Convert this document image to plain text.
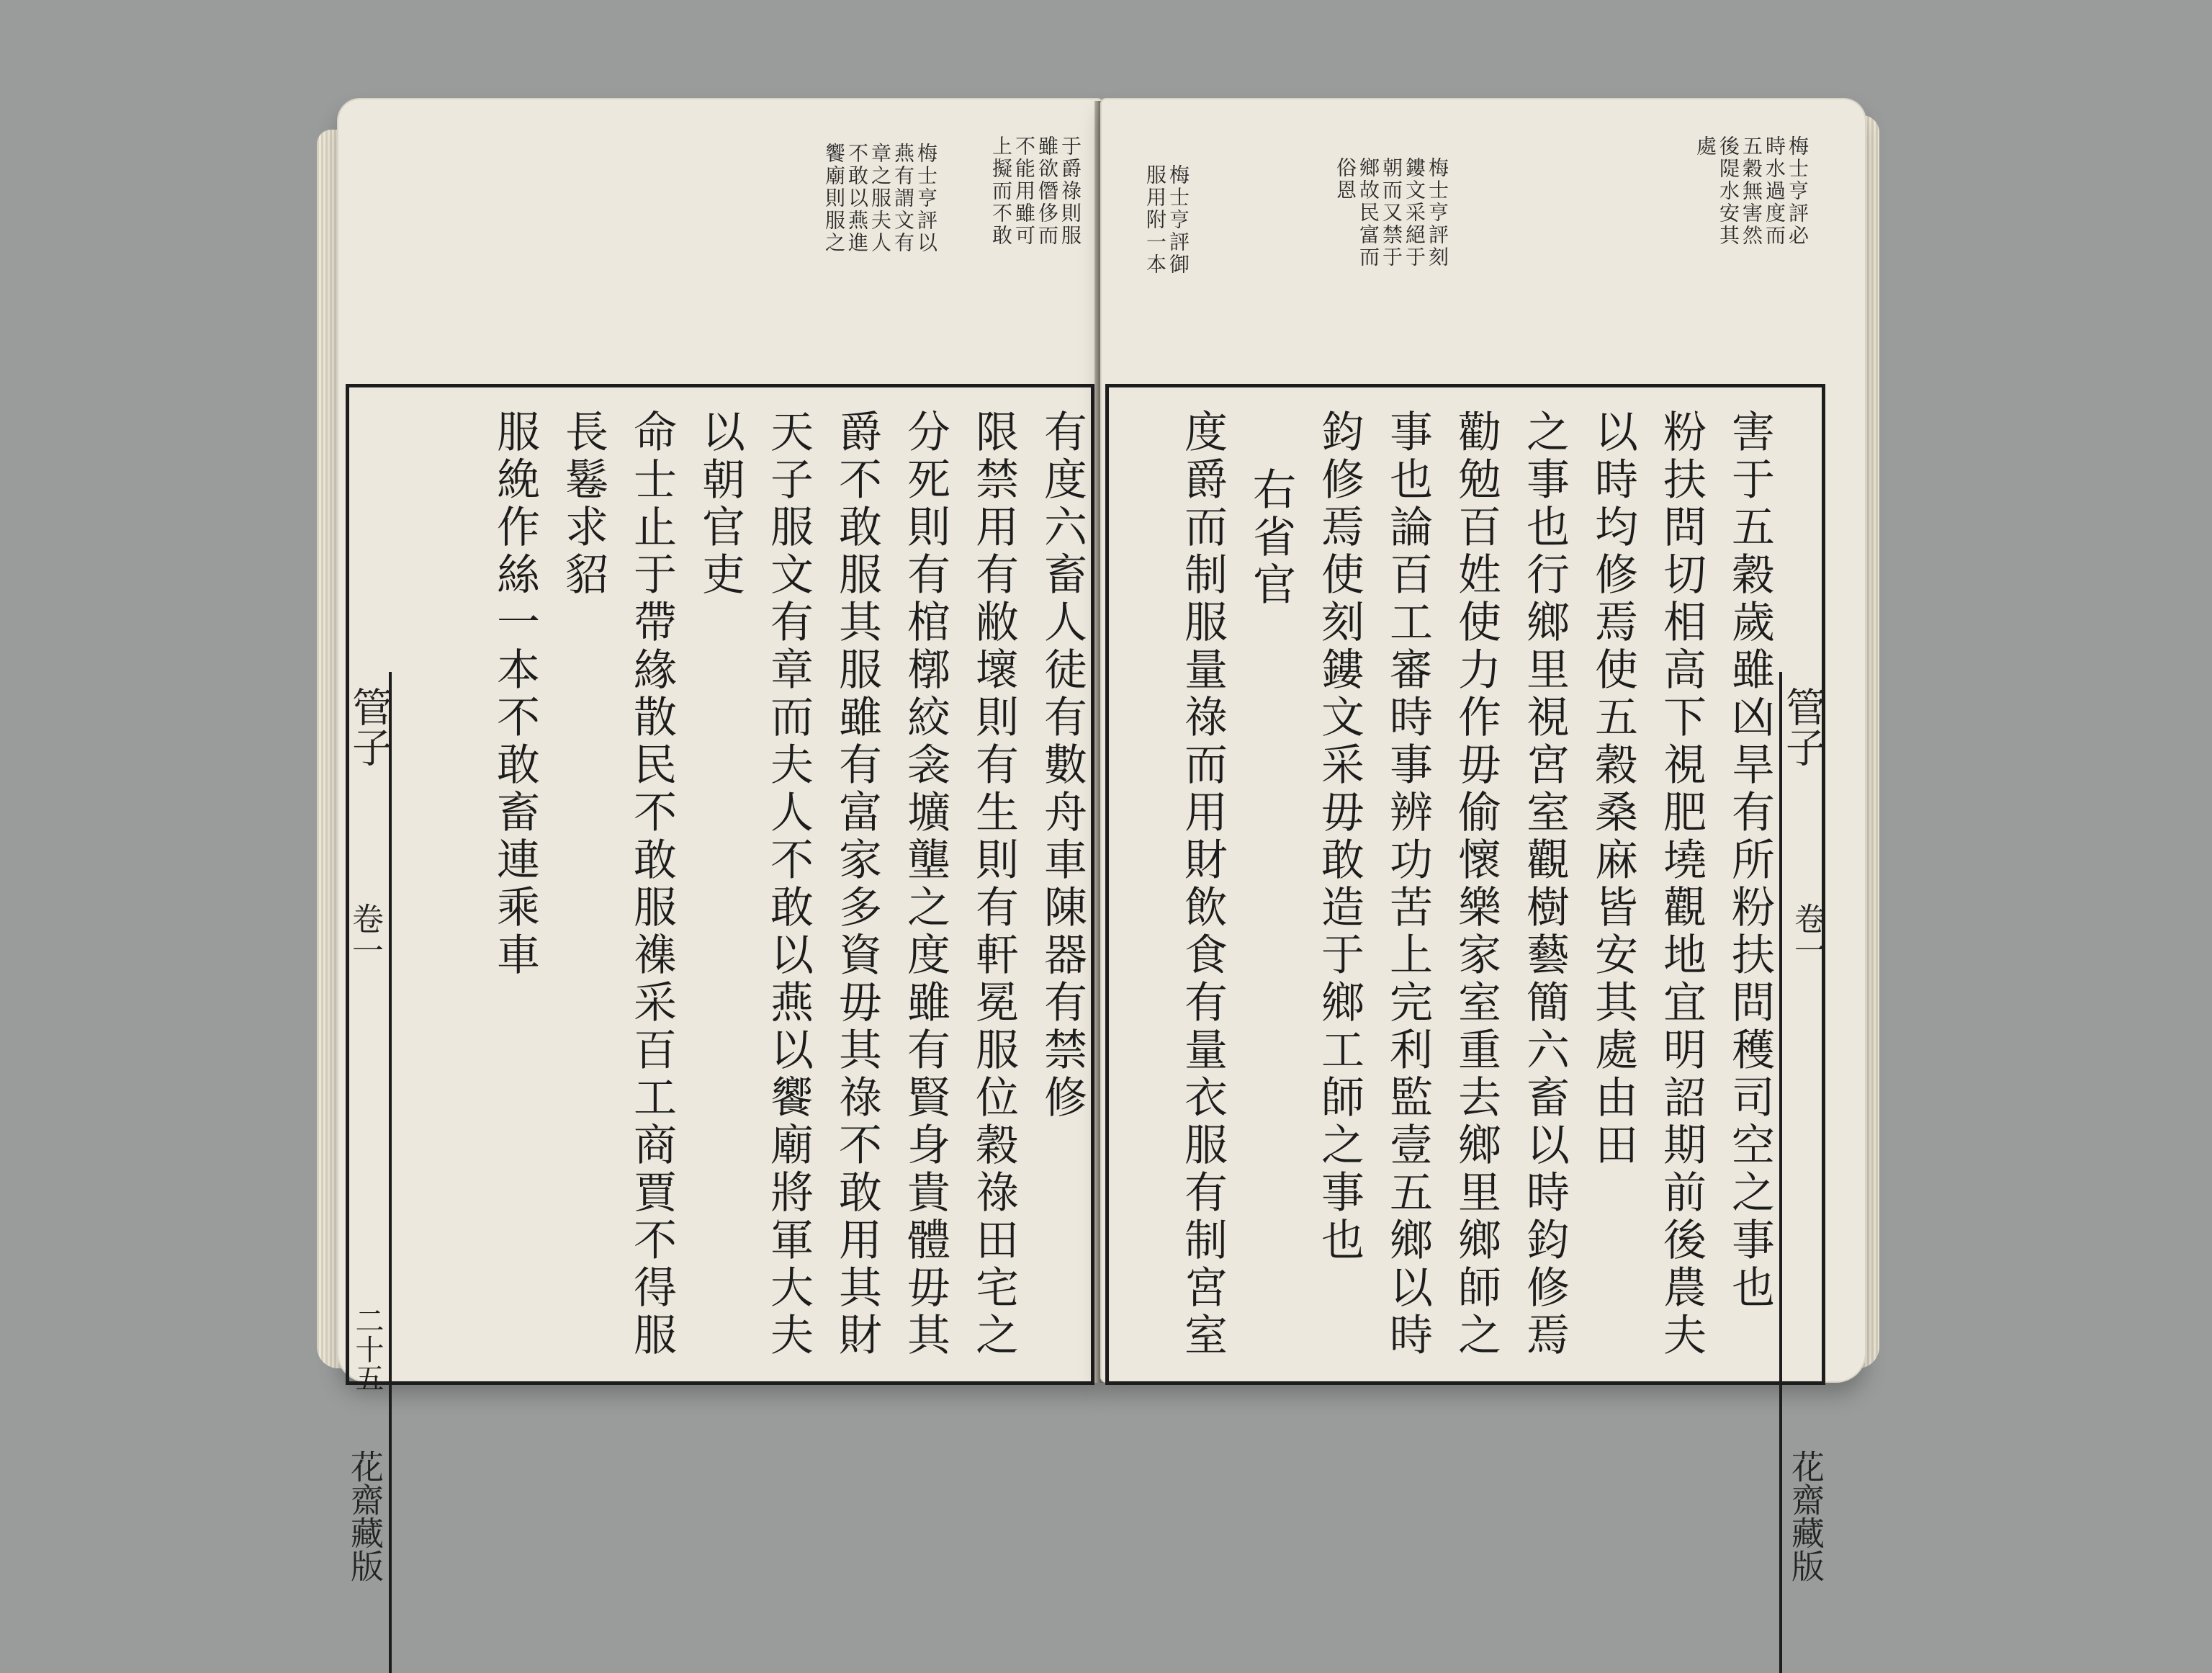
于爵祿則服
雖欲僭侈而
不能用雖可
上擬而不敢
梅士亨評以
燕有謂文有
章之服夫人
不敢以燕進
饗廟則服之
有度六畜人徒有數舟車陳器有禁修
限禁用有敝壞則有生則有軒冕服位穀祿田宅之
分死則有棺槨絞衾壙壟之度雖有賢身貴體毋其
爵不敢服其服雖有富家多資毋其祿不敢用其財
天子服文有章而夫人不敢以燕以饗廟將軍大夫
以朝官吏
命士止于帶緣散民不敢服襍采百工商賈不得服
長鬈求貂
服絻作絲一本不敢畜連乘車
管子
卷一
二十五
花齋藏版
梅士亨評必
時水過度而
五穀無害然
後隄水安其
處
梅士亨評刻
鏤文采絕于
朝而又禁于
鄉故民富而
俗恩
梅士亨評御
服用附一本
管子
卷一
花齋藏版
害于五穀歲雖凶旱有所粉扶問穫司空之事也
粉扶問切相高下視肥墝觀地宜明詔期前後農夫
以時均修焉使五穀桑麻皆安其處由田
之事也行鄉里視宮室觀樹藝簡六畜以時鈞修焉
勸勉百姓使力作毋偷懷樂家室重去鄉里鄉師之
事也論百工審時事辨功苦上完利監壹五鄉以時
鈞修焉使刻鏤文采毋敢造于鄉工師之事也
右省官
度爵而制服量祿而用財飲食有量衣服有制宮室
